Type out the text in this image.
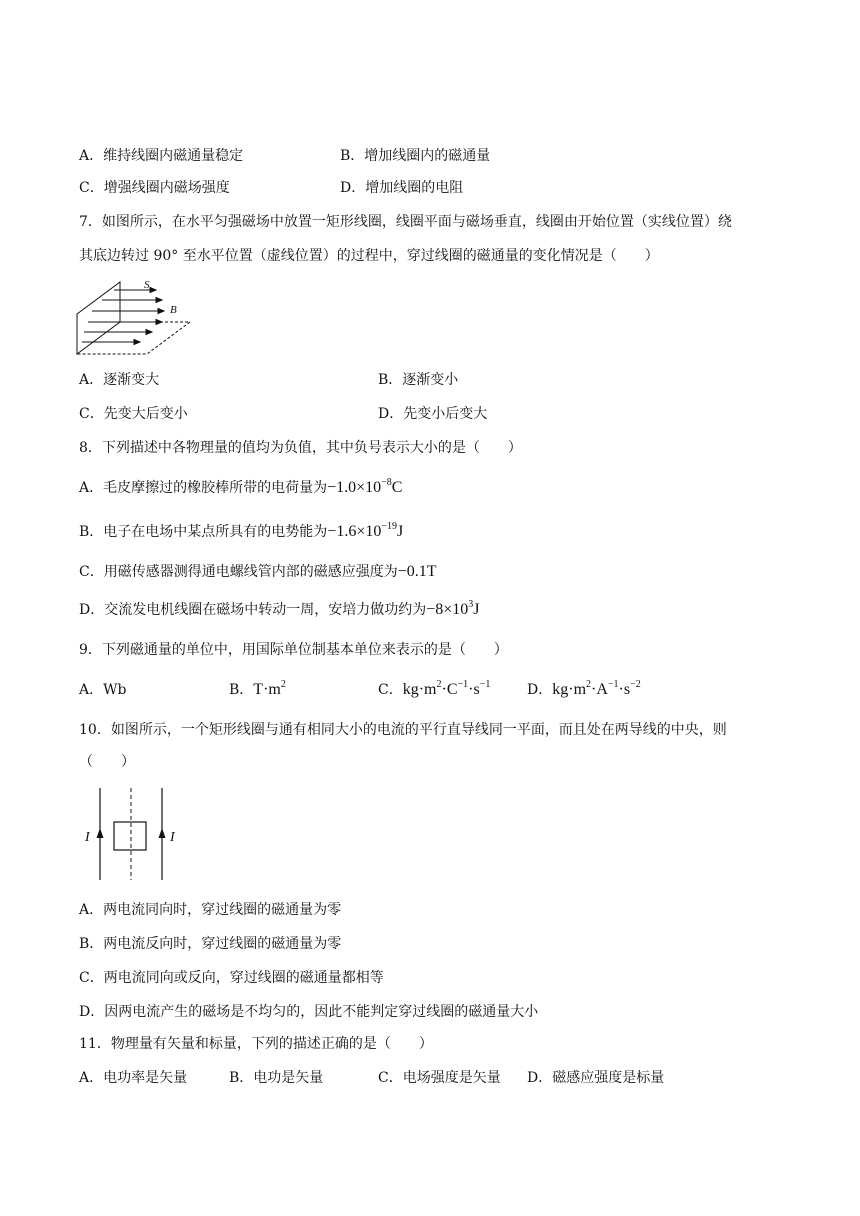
A．维持线圈内磁通量稳定	B．增加线圈内的磁通量
C．增强线圈内磁场强度	D．增加线圈的电阻
7．如图所示，在水平匀强磁场中放置一矩形线圈，线圈平面与磁场垂直，线圈由开始位置（实线位置）绕
其底边转过 90° 至水平位置（虚线位置）的过程中，穿过线圈的磁通量的变化情况是（　　）
S
B
A．逐渐变大	B．逐渐变小
C．先变大后变小	D．先变小后变大
8．下列描述中各物理量的值均为负值，其中负号表示大小的是（　　）
A．毛皮摩擦过的橡胶棒所带的电荷量为$-1.0\times 10^{-8}C$
B．电子在电场中某点所具有的电势能为$-1.6\times 10^{-19}J$
C．用磁传感器测得通电螺线管内部的磁感应强度为−0.1T
D．交流发电机线圈在磁场中转动一周，安培力做功约为$-8\times 10^3J$
9．下列磁通量的单位中，用国际单位制基本单位来表示的是（　　）
A．Wb	B．$T\cdot m^2$	C．$kg\cdot m^2\cdot C^{-1}\cdot s^{-1}$	D．$kg\cdot m^2\cdot A^{-1}\cdot s^{-2}$
10．如图所示，一个矩形线圈与通有相同大小的电流的平行直导线同一平面，而且处在两导线的中央，则
（　　）
I	I
A．两电流同向时，穿过线圈的磁通量为零
B．两电流反向时，穿过线圈的磁通量为零
C．两电流同向或反向，穿过线圈的磁通量都相等
D．因两电流产生的磁场是不均匀的，因此不能判定穿过线圈的磁通量大小
11．物理量有矢量和标量，下列的描述正确的是（　　）
A．电功率是矢量	B．电功是矢量	C．电场强度是矢量 D．磁感应强度是标量
